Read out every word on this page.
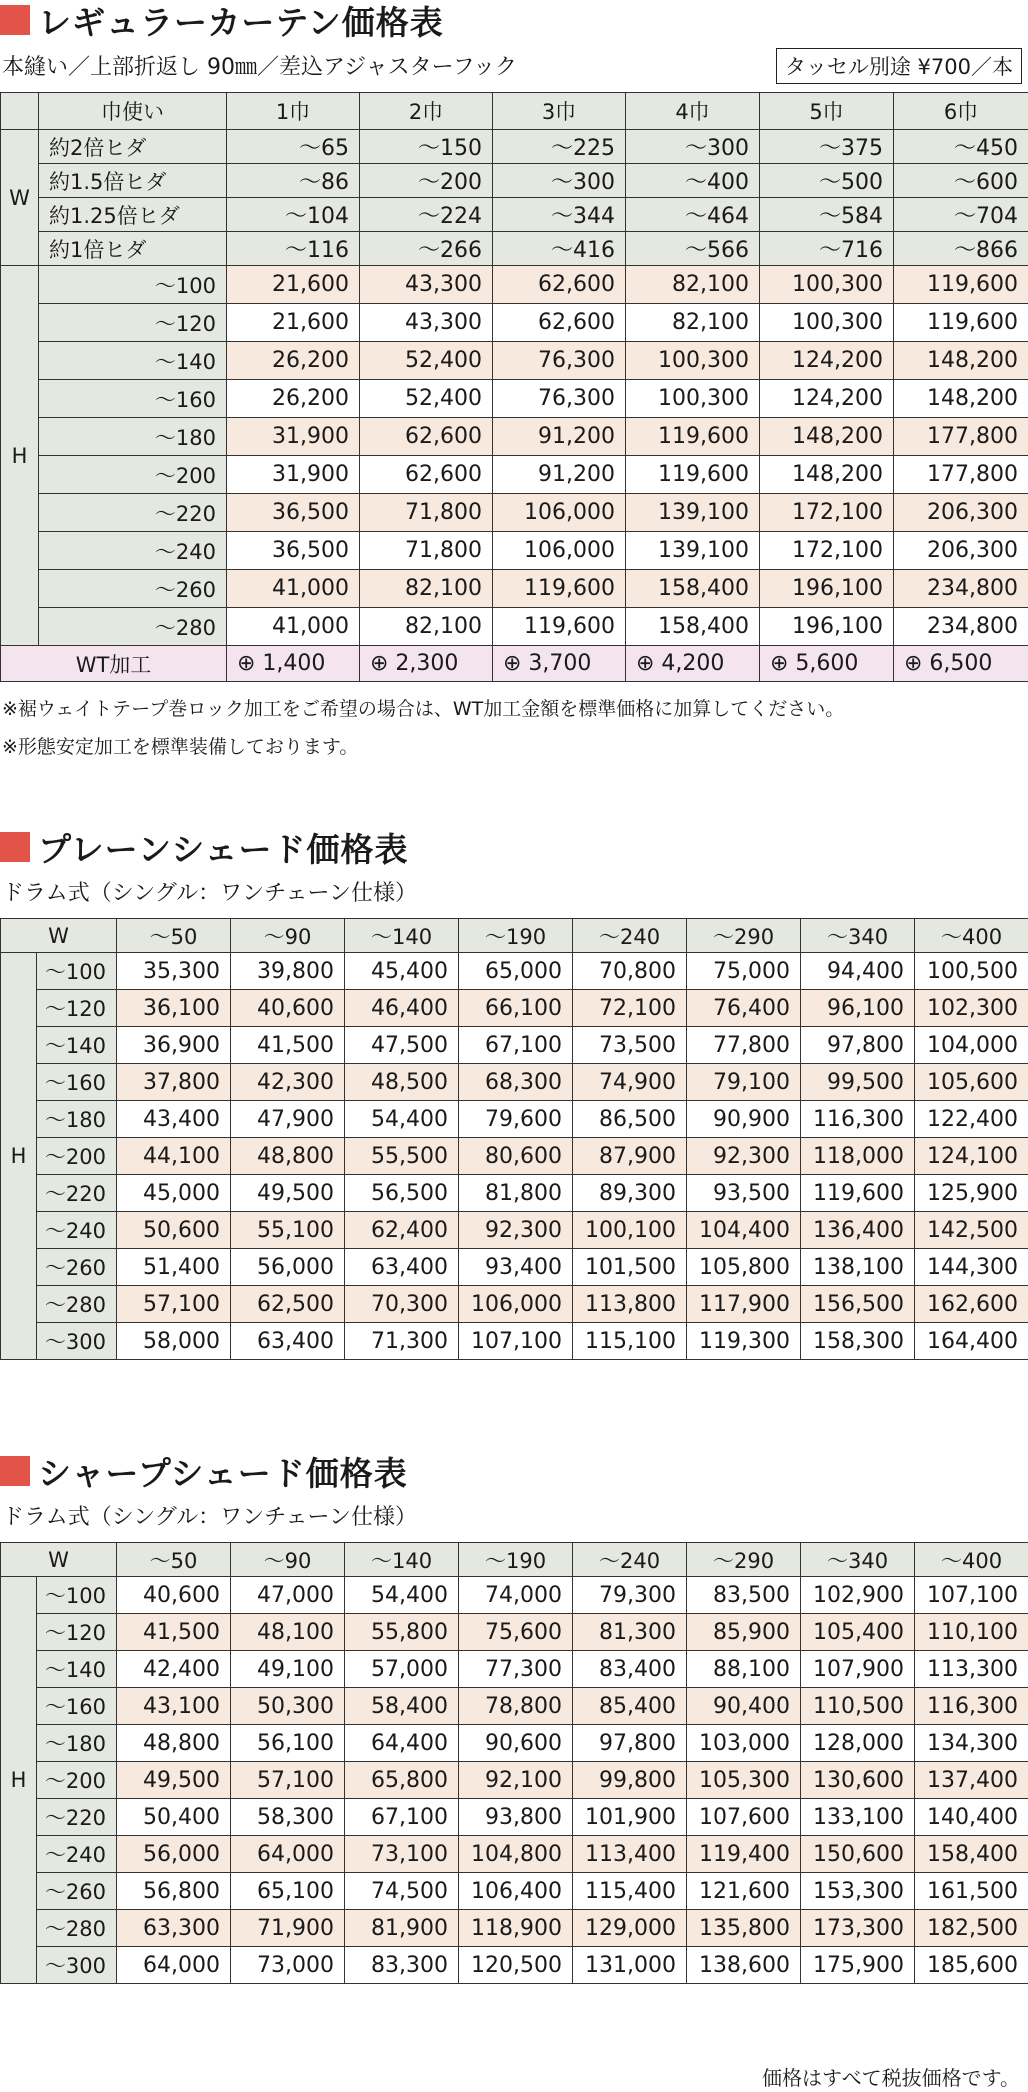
レギュラーカーテン価格表
本縫い／上部折返し 90㎜／差込アジャスターフック	タッセル別途 ¥700／本
	巾使い	1巾	2巾	3巾	4巾	5巾	6巾
W	約2倍ヒダ	～65	～150	～225	～300	～375	～450
	約1.5倍ヒダ	～86	～200	～300	～400	～500	～600
	約1.25倍ヒダ	～104	～224	～344	～464	～584	～704
	約1倍ヒダ	～116	～266	～416	～566	～716	～866
H	～100	21,600	43,300	62,600	82,100	100,300	119,600
	～120	21,600	43,300	62,600	82,100	100,300	119,600
	～140	26,200	52,400	76,300	100,300	124,200	148,200
	～160	26,200	52,400	76,300	100,300	124,200	148,200
	～180	31,900	62,600	91,200	119,600	148,200	177,800
	～200	31,900	62,600	91,200	119,600	148,200	177,800
	～220	36,500	71,800	106,000	139,100	172,100	206,300
	～240	36,500	71,800	106,000	139,100	172,100	206,300
	～260	41,000	82,100	119,600	158,400	196,100	234,800
	～280	41,000	82,100	119,600	158,400	196,100	234,800
WT加工		⊕ 1,400	⊕ 2,300	⊕ 3,700	⊕ 4,200	⊕ 5,600	⊕ 6,500
※裾ウェイトテープ巻ロック加工をご希望の場合は、WT加工金額を標準価格に加算してください。
※形態安定加工を標準装備しております。
プレーンシェード価格表
ドラム式（シングル：ワンチェーン仕様）
W		～50	～90	～140	～190	～240	～290	～340	～400
H	～100	35,300	39,800	45,400	65,000	70,800	75,000	94,400	100,500
	～120	36,100	40,600	46,400	66,100	72,100	76,400	96,100	102,300
	～140	36,900	41,500	47,500	67,100	73,500	77,800	97,800	104,000
	～160	37,800	42,300	48,500	68,300	74,900	79,100	99,500	105,600
	～180	43,400	47,900	54,400	79,600	86,500	90,900	116,300	122,400
	～200	44,100	48,800	55,500	80,600	87,900	92,300	118,000	124,100
	～220	45,000	49,500	56,500	81,800	89,300	93,500	119,600	125,900
	～240	50,600	55,100	62,400	92,300	100,100	104,400	136,400	142,500
	～260	51,400	56,000	63,400	93,400	101,500	105,800	138,100	144,300
	～280	57,100	62,500	70,300	106,000	113,800	117,900	156,500	162,600
	～300	58,000	63,400	71,300	107,100	115,100	119,300	158,300	164,400
シャープシェード価格表
ドラム式（シングル：ワンチェーン仕様）
W		～50	～90	～140	～190	～240	～290	～340	～400
H	～100	40,600	47,000	54,400	74,000	79,300	83,500	102,900	107,100
	～120	41,500	48,100	55,800	75,600	81,300	85,900	105,400	110,100
	～140	42,400	49,100	57,000	77,300	83,400	88,100	107,900	113,300
	～160	43,100	50,300	58,400	78,800	85,400	90,400	110,500	116,300
	～180	48,800	56,100	64,400	90,600	97,800	103,000	128,000	134,300
	～200	49,500	57,100	65,800	92,100	99,800	105,300	130,600	137,400
	～220	50,400	58,300	67,100	93,800	101,900	107,600	133,100	140,400
	～240	56,000	64,000	73,100	104,800	113,400	119,400	150,600	158,400
	～260	56,800	65,100	74,500	106,400	115,400	121,600	153,300	161,500
	～280	63,300	71,900	81,900	118,900	129,000	135,800	173,300	182,500
	～300	64,000	73,000	83,300	120,500	131,000	138,600	175,900	185,600
価格はすべて税抜価格です。
